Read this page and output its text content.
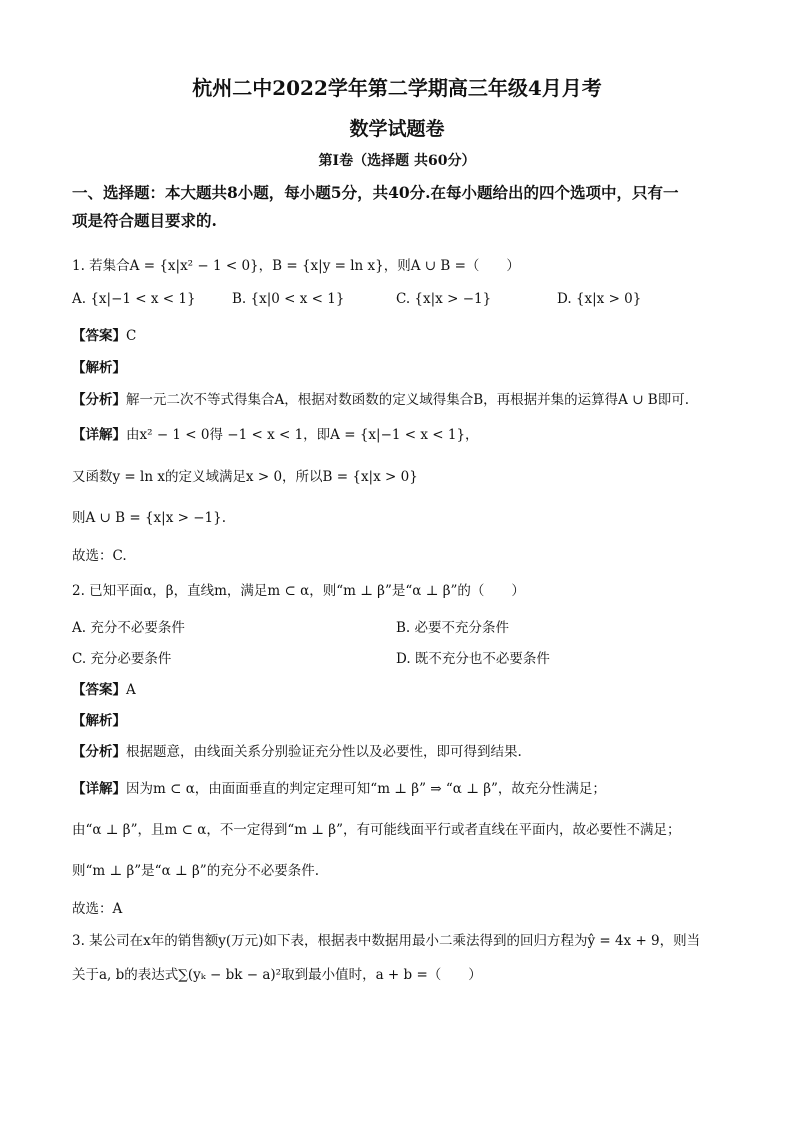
杭州二中2022学年第二学期高三年级4月月考
数学试题卷
第Ⅰ卷（选择题 共60分）
一、选择题：本大题共8小题，每小题5分，共40分.在每小题给出的四个选项中，只有一
项是符合题目要求的.
1. 若集合A = {x|x² − 1 < 0}，B = {x|y = ln x}，则A ∪ B =（　　）
A. {x|−1 < x < 1}	B. {x|0 < x < 1}	C. {x|x > −1}	D. {x|x > 0}
【答案】C
【解析】
【分析】解一元二次不等式得集合A，根据对数函数的定义域得集合B，再根据并集的运算得A ∪ B即可.
【详解】由x² − 1 < 0得 −1 < x < 1，即A = {x|−1 < x < 1}，
又函数y = ln x的定义域满足x > 0，所以B = {x|x > 0}
则A ∪ B = {x|x > −1}.
故选：C.
2. 已知平面α，β，直线m，满足m ⊂ α，则“m ⊥ β”是“α ⊥ β”的（　　）
A. 充分不必要条件	B. 必要不充分条件
C. 充分必要条件	D. 既不充分也不必要条件
【答案】A
【解析】
【分析】根据题意，由线面关系分别验证充分性以及必要性，即可得到结果.
【详解】因为m ⊂ α，由面面垂直的判定定理可知“m ⊥ β” ⇒ “α ⊥ β”，故充分性满足；
由“α ⊥ β”，且m ⊂ α，不一定得到“m ⊥ β”，有可能线面平行或者直线在平面内，故必要性不满足；
则“m ⊥ β”是“α ⊥ β”的充分不必要条件.
故选：A
3. 某公司在x年的销售额y(万元)如下表，根据表中数据用最小二乘法得到的回归方程为ŷ = 4x + 9，则当
关于a, b的表达式∑(yₖ − bk − a)²取到最小值时，a + b =（　　）
